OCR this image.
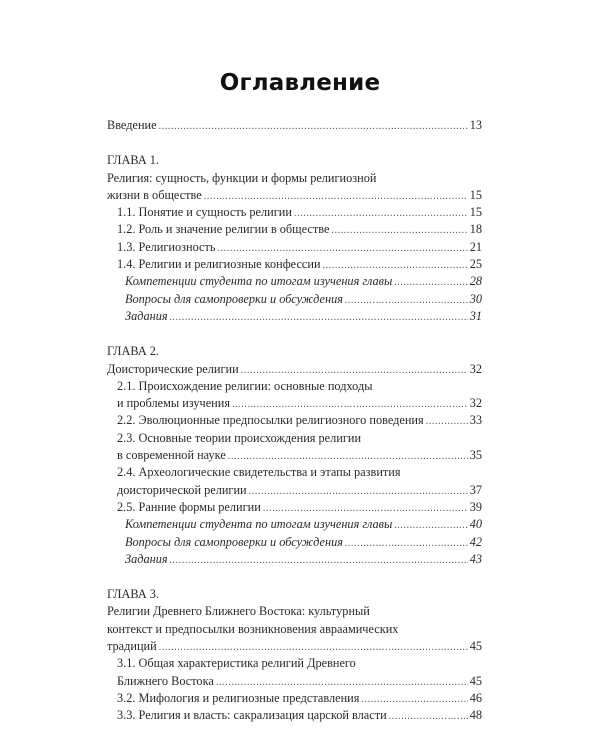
Оглавление
Введение .....	13
ГЛАВА 1.
Религия: сущность, функции и формы религиозной
жизни в обществе .....	15
1.1. Понятие и сущность религии .....	15
1.2. Роль и значение религии в обществе .....	18
1.3. Религиозность .....	21
1.4. Религии и религиозные конфессии .....	25
Компетенции студента по итогам изучения главы .....	28
Вопросы для самопроверки и обсуждения .....	30
Задания .....	31
ГЛАВА 2.
Доисторические религии .....	32
2.1. Происхождение религии: основные подходы
и проблемы изучения .....	32
2.2. Эволюционные предпосылки религиозного поведения .....	33
2.3. Основные теории происхождения религии
в современной науке .....	35
2.4. Археологические свидетельства и этапы развития
доисторической религии .....	37
2.5. Ранние формы религии .....	39
Компетенции студента по итогам изучения главы .....	40
Вопросы для самопроверки и обсуждения .....	42
Задания .....	43
ГЛАВА 3.
Религии Древнего Ближнего Востока: культурный
контекст и предпосылки возникновения авраамических
традиций .....	45
3.1. Общая характеристика религий Древнего
Ближнего Востока .....	45
3.2. Мифология и религиозные представления .....	46
3.3. Религия и власть: сакрализация царской власти .....	48
